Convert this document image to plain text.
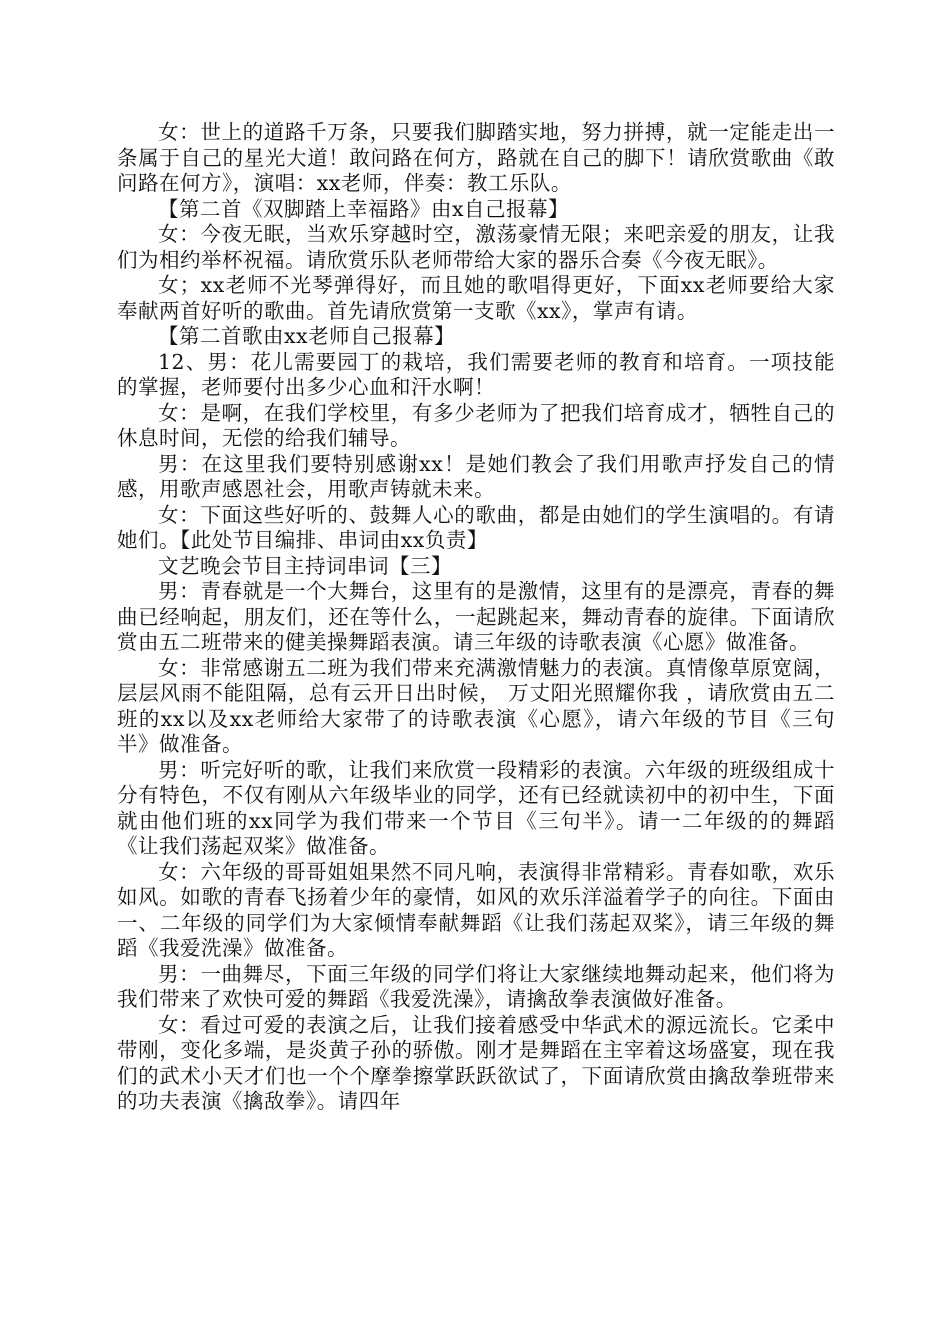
女：世上的道路千万条，只要我们脚踏实地，努力拼搏，就一定能走出一条属于自己的星光大道！敢问路在何方，路就在自己的脚下！请欣赏歌曲《敢问路在何方》，演唱：xx老师，伴奏：教工乐队。

【第二首《双脚踏上幸福路》由x自己报幕】

女：今夜无眠，当欢乐穿越时空，激荡豪情无限；来吧亲爱的朋友，让我们为相约举杯祝福。请欣赏乐队老师带给大家的器乐合奏《今夜无眠》。

女；xx老师不光琴弹得好，而且她的歌唱得更好，下面xx老师要给大家奉献两首好听的歌曲。首先请欣赏第一支歌《xx》，掌声有请。

【第二首歌由xx老师自己报幕】

12、男：花儿需要园丁的栽培，我们需要老师的教育和培育。一项技能的掌握，老师要付出多少心血和汗水啊！

女：是啊，在我们学校里，有多少老师为了把我们培育成才，牺牲自己的休息时间，无偿的给我们辅导。

男：在这里我们要特别感谢xx！是她们教会了我们用歌声抒发自己的情感，用歌声感恩社会，用歌声铸就未来。

女：下面这些好听的、鼓舞人心的歌曲，都是由她们的学生演唱的。有请她们。【此处节目编排、串词由xx负责】

文艺晚会节目主持词串词【三】

男：青春就是一个大舞台，这里有的是激情，这里有的是漂亮，青春的舞曲已经响起，朋友们，还在等什么，一起跳起来，舞动青春的旋律。下面请欣赏由五二班带来的健美操舞蹈表演。请三年级的诗歌表演《心愿》做准备。

女：非常感谢五二班为我们带来充满激情魅力的表演。真情像草原宽阔， 层层风雨不能阻隔，总有云开日出时候， 万丈阳光照耀你我 ，请欣赏由五二班的xx以及xx老师给大家带了的诗歌表演《心愿》，请六年级的节目《三句半》做准备。

男：听完好听的歌，让我们来欣赏一段精彩的表演。六年级的班级组成十分有特色，不仅有刚从六年级毕业的同学，还有已经就读初中的初中生，下面就由他们班的xx同学为我们带来一个节目《三句半》。请一二年级的的舞蹈《让我们荡起双桨》做准备。

女：六年级的哥哥姐姐果然不同凡响，表演得非常精彩。青春如歌，欢乐如风。如歌的青春飞扬着少年的豪情，如风的欢乐洋溢着学子的向往。下面由一、二年级的同学们为大家倾情奉献舞蹈《让我们荡起双桨》，请三年级的舞蹈《我爱洗澡》做准备。

男：一曲舞尽，下面三年级的同学们将让大家继续地舞动起来，他们将为我们带来了欢快可爱的舞蹈《我爱洗澡》，请擒敌拳表演做好准备。

女：看过可爱的表演之后，让我们接着感受中华武术的源远流长。它柔中带刚，变化多端，是炎黄子孙的骄傲。刚才是舞蹈在主宰着这场盛宴，现在我们的武术小天才们也一个个摩拳擦掌跃跃欲试了，下面请欣赏由擒敌拳班带来的功夫表演《擒敌拳》。请四年
